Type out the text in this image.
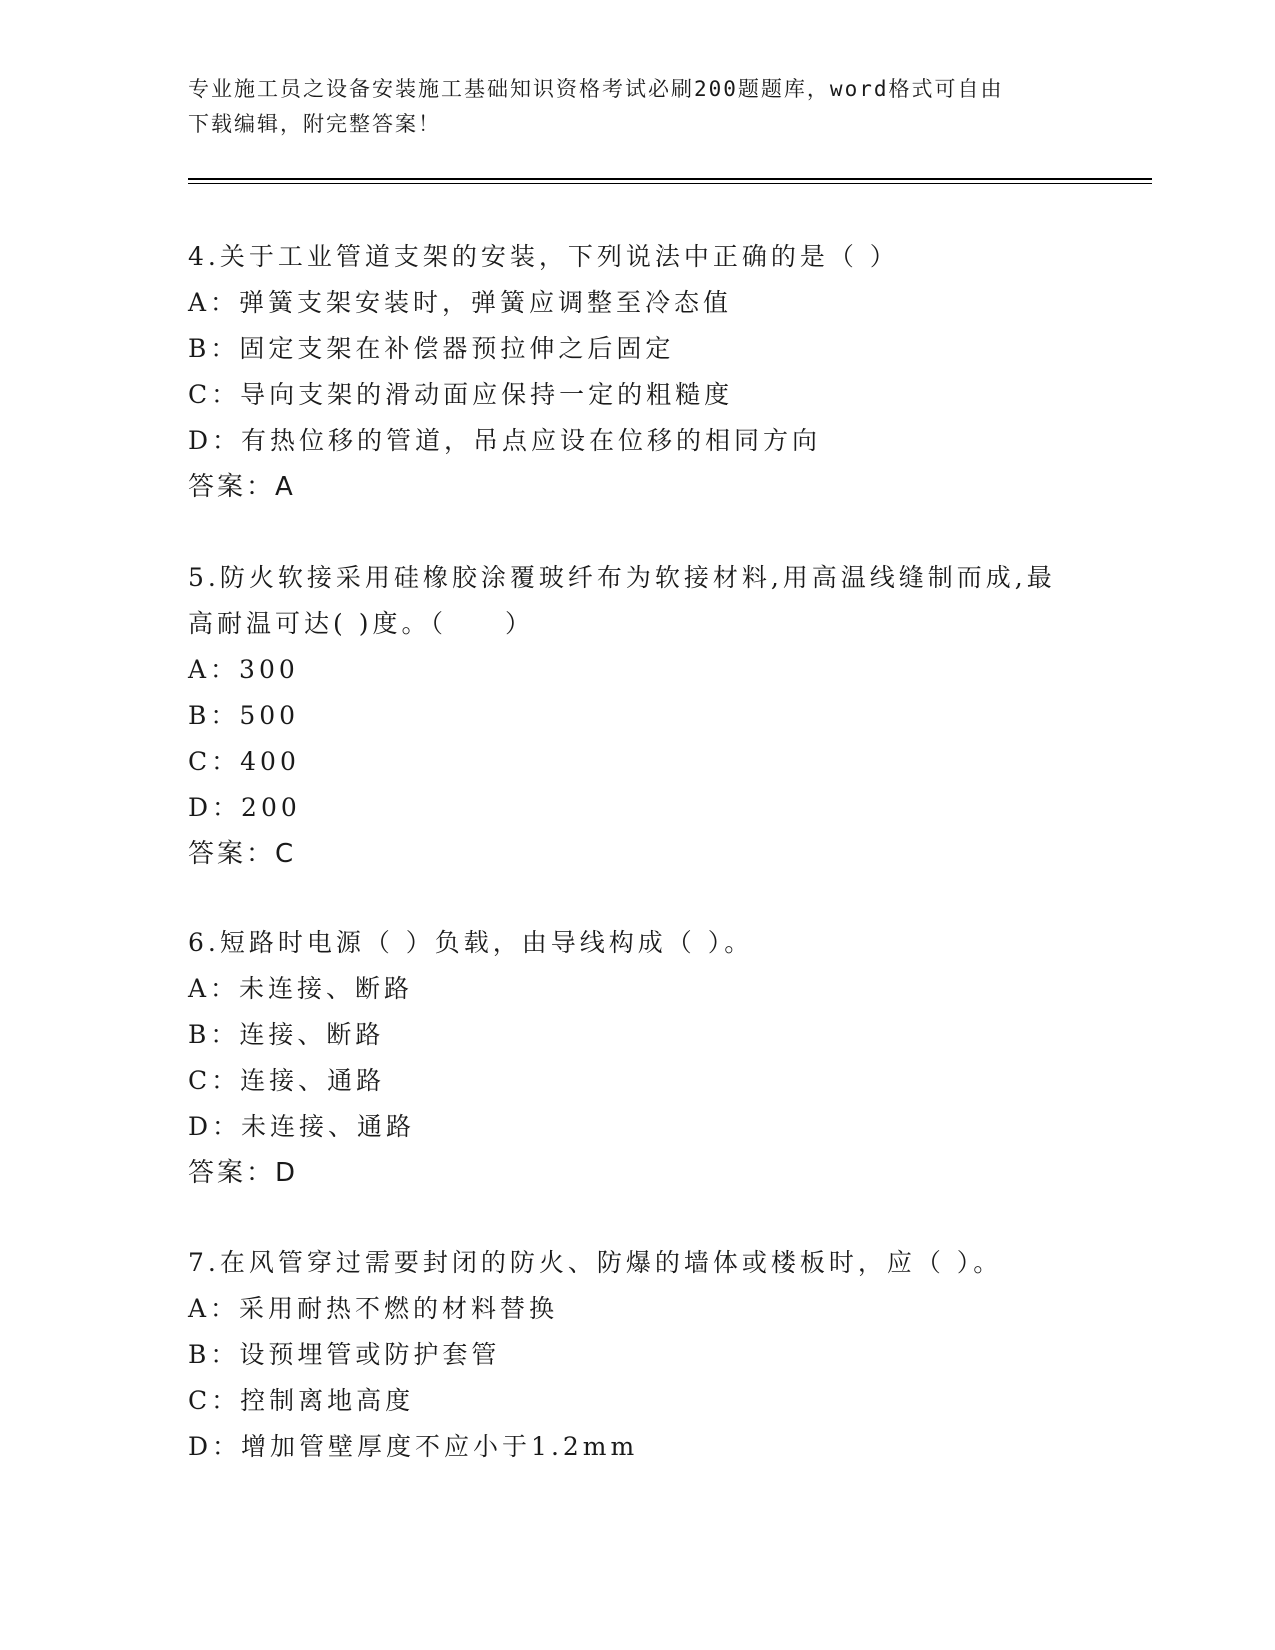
专业施工员之设备安装施工基础知识资格考试必刷200题题库，word格式可自由
下载编辑，附完整答案！

4.关于工业管道支架的安装，下列说法中正确的是（ ）

A：弹簧支架安装时，弹簧应调整至冷态值

B：固定支架在补偿器预拉伸之后固定

C：导向支架的滑动面应保持一定的粗糙度

D：有热位移的管道，吊点应设在位移的相同方向

答案：A

5.防火软接采用硅橡胶涂覆玻纤布为软接材料,用高温线缝制而成,最高耐温可达( )度。（　　）

A：300

B：500

C：400

D：200

答案：C

6.短路时电源（ ）负载，由导线构成（ ）。

A：未连接、断路

B：连接、断路

C：连接、通路

D：未连接、通路

答案：D

7.在风管穿过需要封闭的防火、防爆的墙体或楼板时，应（ ）。

A：采用耐热不燃的材料替换

B：设预埋管或防护套管

C：控制离地高度

D：增加管壁厚度不应小于1.2mm
